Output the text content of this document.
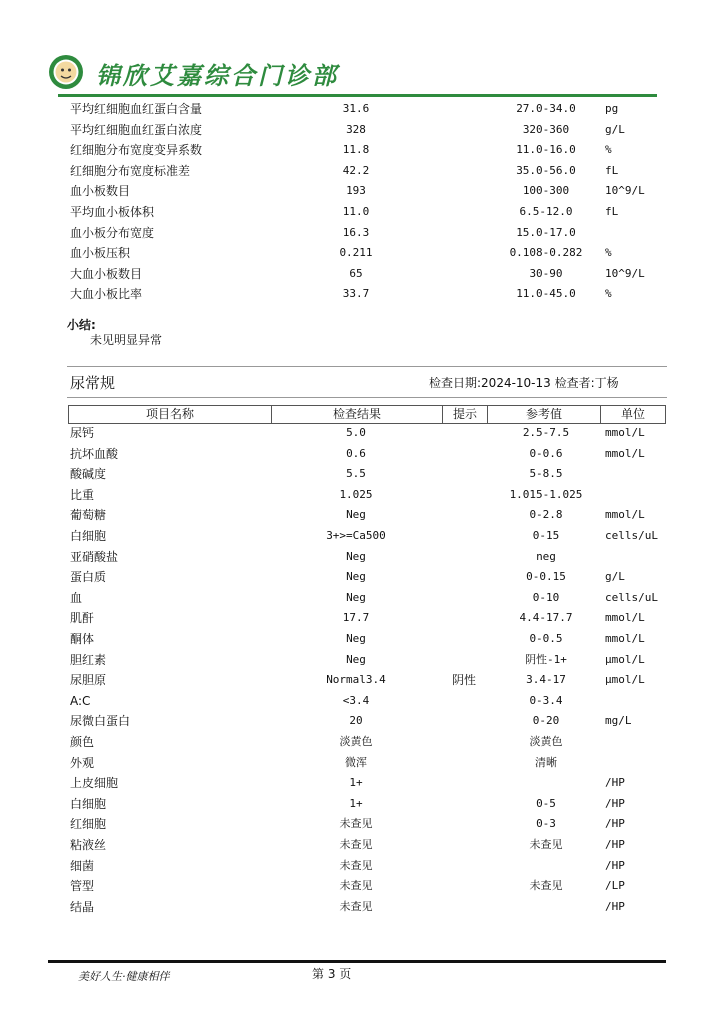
锦欣艾嘉综合门诊部
平均红细胞血红蛋白含量	31.6	27.0-34.0	pg
平均红细胞血红蛋白浓度	328	320-360	g/L
红细胞分布宽度变异系数	11.8	11.0-16.0	%
红细胞分布宽度标准差	42.2	35.0-56.0	fL
血小板数目	193	100-300	10^9/L
平均血小板体积	11.0	6.5-12.0	fL
血小板分布宽度	16.3	15.0-17.0
血小板压积	0.211	0.108-0.282	%
大血小板数目	65	30-90	10^9/L
大血小板比率	33.7	11.0-45.0	%
小结:
未见明显异常
尿常规	检查日期:2024-10-13 检查者:丁杨
项目名称	检查结果	提示	参考值	单位
尿钙	5.0	2.5-7.5	mmol/L
抗坏血酸	0.6	0-0.6	mmol/L
酸碱度	5.5	5-8.5
比重	1.025	1.015-1.025
葡萄糖	Neg	0-2.8	mmol/L
白细胞	3+>=Ca500	0-15	cells/uL
亚硝酸盐	Neg	neg
蛋白质	Neg	0-0.15	g/L
血	Neg	0-10	cells/uL
肌酐	17.7	4.4-17.7	mmol/L
酮体	Neg	0-0.5	mmol/L
胆红素	Neg	阴性-1+	μmol/L
尿胆原	Normal3.4	阴性	3.4-17	μmol/L
A:C	<3.4	0-3.4
尿微白蛋白	20	0-20	mg/L
颜色	淡黄色	淡黄色
外观	微浑	清晰
上皮细胞	1+	/HP
白细胞	1+	0-5	/HP
红细胞	未查见	0-3	/HP
粘液丝	未查见	未查见	/HP
细菌	未查见	/HP
管型	未查见	未查见	/LP
结晶	未查见	/HP
美好人生·健康相伴	第 3 页
